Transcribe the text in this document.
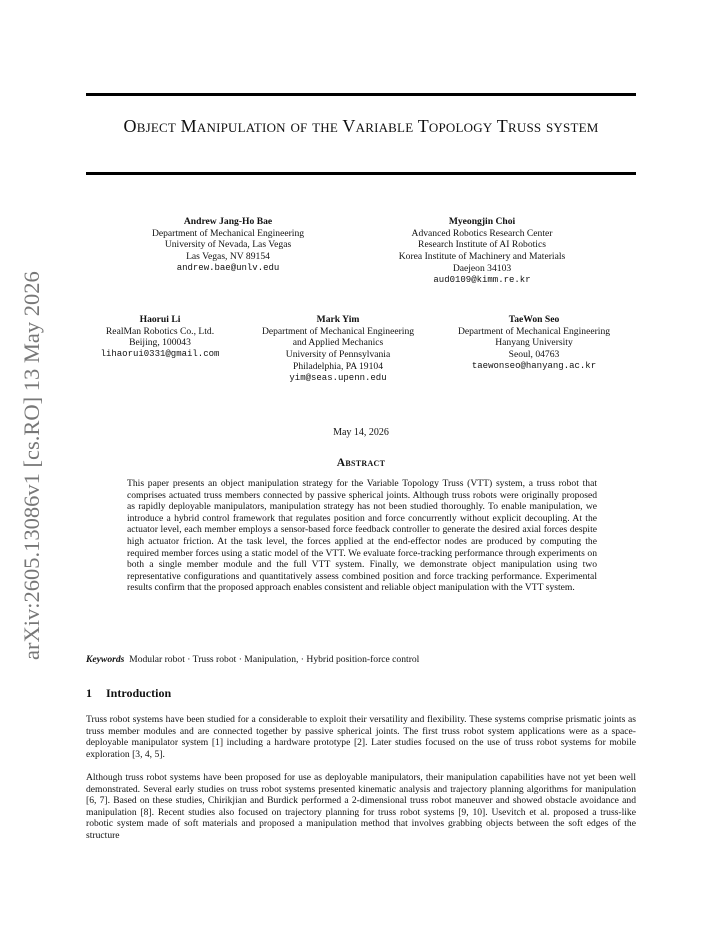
arXiv:2605.13086v1 [cs.RO] 13 May 2026
Object Manipulation of the Variable Topology Truss system
Andrew Jang-Ho Bae
Department of Mechanical Engineering
University of Nevada, Las Vegas
Las Vegas, NV 89154
andrew.bae@unlv.edu
Myeongjin Choi
Advanced Robotics Research Center
Research Institute of AI Robotics
Korea Institute of Machinery and Materials
Daejeon 34103
aud0109@kimm.re.kr
Haorui Li
RealMan Robotics Co., Ltd.
Beijing, 100043
lihaorui0331@gmail.com
Mark Yim
Department of Mechanical Engineering
and Applied Mechanics
University of Pennsylvania
Philadelphia, PA 19104
yim@seas.upenn.edu
TaeWon Seo
Department of Mechanical Engineering
Hanyang University
Seoul, 04763
taewonseo@hanyang.ac.kr
May 14, 2026
Abstract
This paper presents an object manipulation strategy for the Variable Topology Truss (VTT) system, a truss robot that comprises actuated truss members connected by passive spherical joints. Although truss robots were originally proposed as rapidly deployable manipulators, manipulation strategy has not been studied thoroughly. To enable manipulation, we introduce a hybrid control framework that regulates position and force concurrently without explicit decoupling. At the actuator level, each member employs a sensor-based force feedback controller to generate the desired axial forces despite high actuator friction. At the task level, the forces applied at the end-effector nodes are produced by computing the required member forces using a static model of the VTT. We evaluate force-tracking performance through experiments on both a single member module and the full VTT system. Finally, we demonstrate object manipulation using two representative configurations and quantitatively assess combined position and force tracking performance. Experimental results confirm that the proposed approach enables consistent and reliable object manipulation with the VTT system.
Keywords Modular robot · Truss robot · Manipulation, · Hybrid position-force control
1 Introduction
Truss robot systems have been studied for a considerable to exploit their versatility and flexibility. These systems comprise prismatic joints as truss member modules and are connected together by passive spherical joints. The first truss robot system applications were as a space-deployable manipulator system [1] including a hardware prototype [2]. Later studies focused on the use of truss robot systems for mobile exploration [3, 4, 5].
Although truss robot systems have been proposed for use as deployable manipulators, their manipulation capabilities have not yet been well demonstrated. Several early studies on truss robot systems presented kinematic analysis and trajectory planning algorithms for manipulation [6, 7]. Based on these studies, Chirikjian and Burdick performed a 2-dimensional truss robot maneuver and showed obstacle avoidance and manipulation [8]. Recent studies also focused on trajectory planning for truss robot systems [9, 10]. Usevitch et al. proposed a truss-like robotic system made of soft materials and proposed a manipulation method that involves grabbing objects between the soft edges of the structure
